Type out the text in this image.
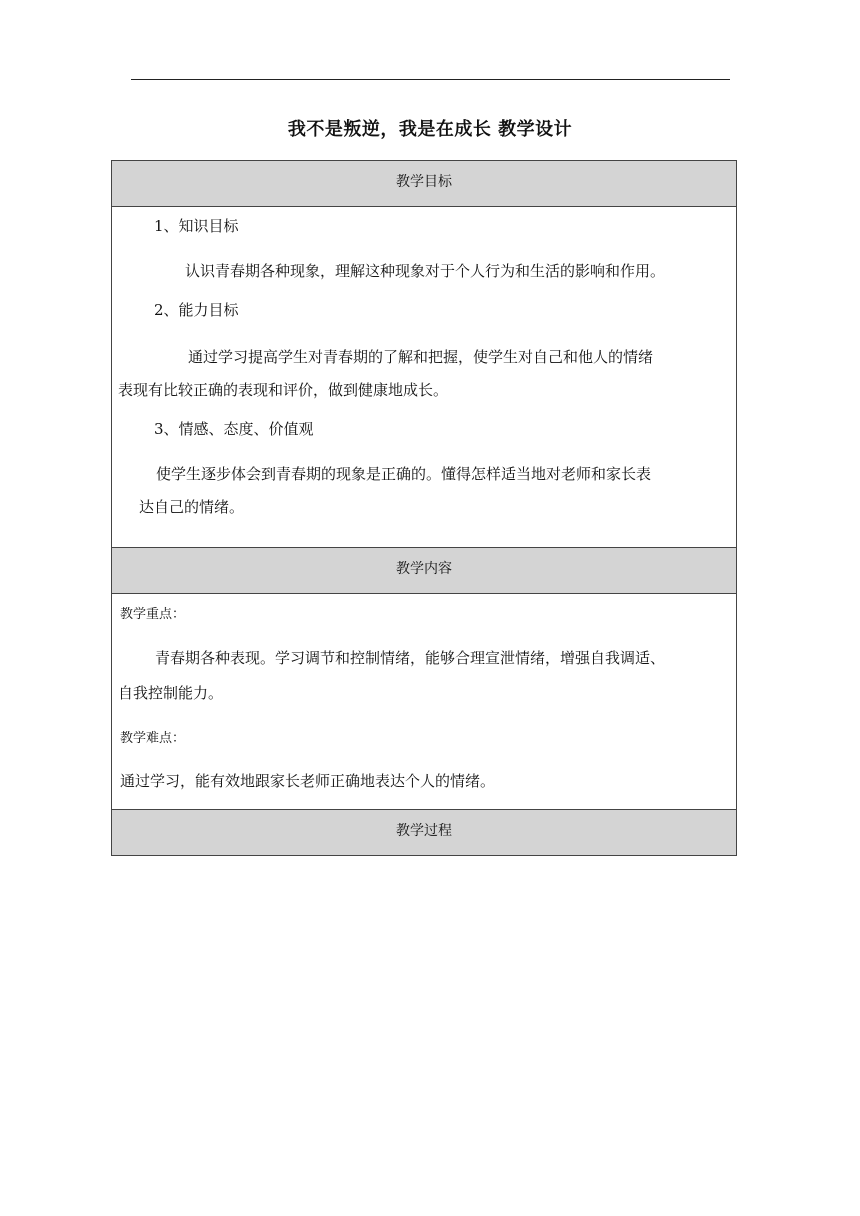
我不是叛逆，我是在成长 教学设计
教学目标

1、知识目标
认识青春期各种现象，理解这种现象对于个人行为和生活的影响和作用。
2、能力目标
通过学习提高学生对青春期的了解和把握，使学生对自己和他人的情绪
表现有比较正确的表现和评价，做到健康地成长。
3、情感、态度、价值观
使学生逐步体会到青春期的现象是正确的。懂得怎样适当地对老师和家长表
达自己的情绪。

教学内容

教学重点：
青春期各种表现。学习调节和控制情绪，能够合理宣泄情绪，增强自我调适、
自我控制能力。
教学难点：
通过学习，能有效地跟家长老师正确地表达个人的情绪。

教学过程
